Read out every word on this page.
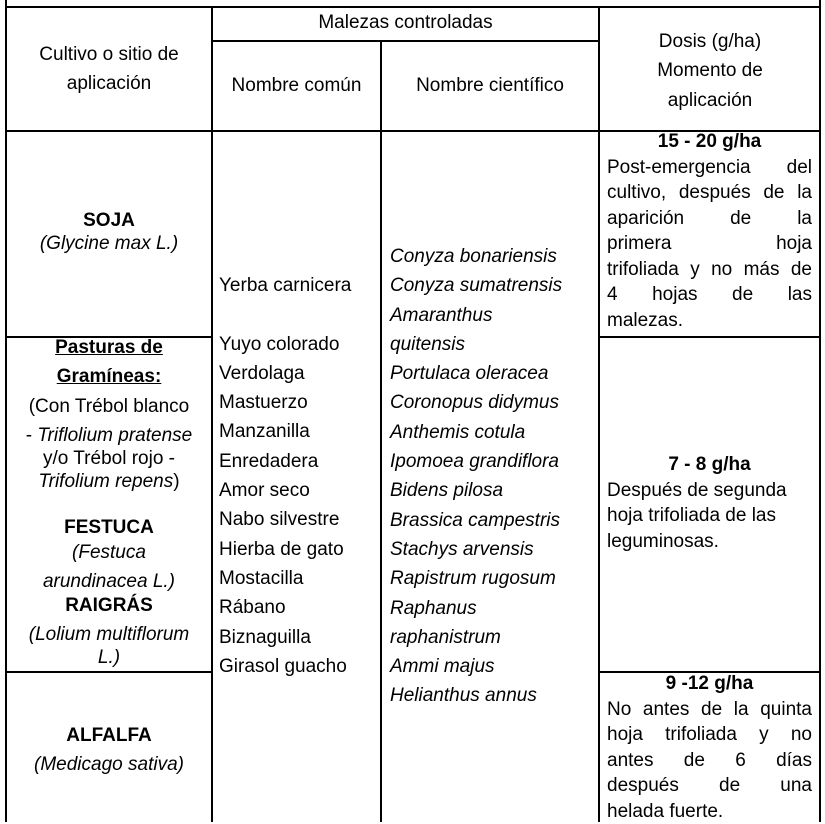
Malezas controladas
Cultivo o sitio de
aplicación	Nombre común	Nombre científico
Dosis (g/ha)
Momento de
aplicación
SOJA
(Glycine max L.)
Pasturas de
Gramíneas:
(Con Trébol blanco
- Triflolium pratense
y/o Trébol rojo -
Trifolium repens)
FESTUCA
(Festuca
arundinacea L.)
RAIGRÁS
(Lolium multiflorum
L.)
ALFALFA
(Medicago sativa)
Yerba carnicera
Yuyo colorado
Verdolaga
Mastuerzo
Manzanilla
Enredadera
Amor seco
Nabo silvestre
Hierba de gato
Mostacilla
Rábano
Biznaguilla
Girasol guacho
Conyza bonariensis
Conyza sumatrensis
Amaranthus
quitensis
Portulaca oleracea
Coronopus didymus
Anthemis cotula
Ipomoea grandiflora
Bidens pilosa
Brassica campestris
Stachys arvensis
Rapistrum rugosum
Raphanus
raphanistrum
Ammi majus
Helianthus annus
15 - 20 g/ha
Post-emergencia del
cultivo, después de la
aparición de la
primera hoja
trifoliada y no más de
4 hojas de las
malezas.
7 - 8 g/ha
Después de segunda
hoja trifoliada de las
leguminosas.
9 -12 g/ha
No antes de la quinta
hoja trifoliada y no
antes de 6 días
después de una
helada fuerte.
